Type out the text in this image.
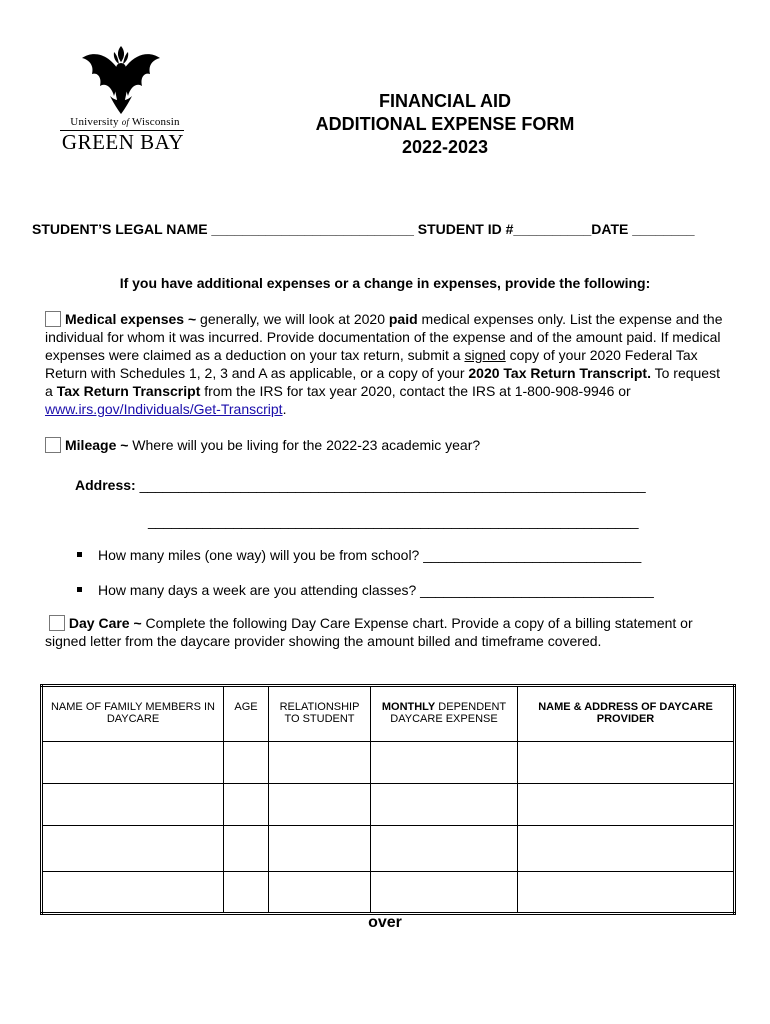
University of Wisconsin
GREEN BAY
FINANCIAL AID
ADDITIONAL EXPENSE FORM
2022-2023
STUDENT’S LEGAL NAME __________________________ STUDENT ID #__________DATE ________
If you have additional expenses or a change in expenses, provide the following:
Medical expenses ~ generally, we will look at 2020 paid medical expenses only. List the expense and the individual for whom it was incurred. Provide documentation of the expense and of the amount paid. If medical expenses were claimed as a deduction on your tax return, submit a signed copy of your 2020 Federal Tax Return with Schedules 1, 2, 3 and A as applicable, or a copy of your 2020 Tax Return Transcript. To request a Tax Return Transcript from the IRS for tax year 2020, contact the IRS at 1-800-908-9946 or www.irs.gov/Individuals/Get-Transcript.
Mileage ~ Where will you be living for the 2022-23 academic year?
Address: _________________________________________________________________
_______________________________________________________________
How many miles (one way) will you be from school? ____________________________
How many days a week are you attending classes? ______________________________
Day Care ~ Complete the following Day Care Expense chart. Provide a copy of a billing statement or signed letter from the daycare provider showing the amount billed and timeframe covered.
NAME OF FAMILY MEMBERS IN DAYCARE	AGE	RELATIONSHIP TO STUDENT	MONTHLY DEPENDENT DAYCARE EXPENSE	NAME & ADDRESS OF DAYCARE PROVIDER

over
